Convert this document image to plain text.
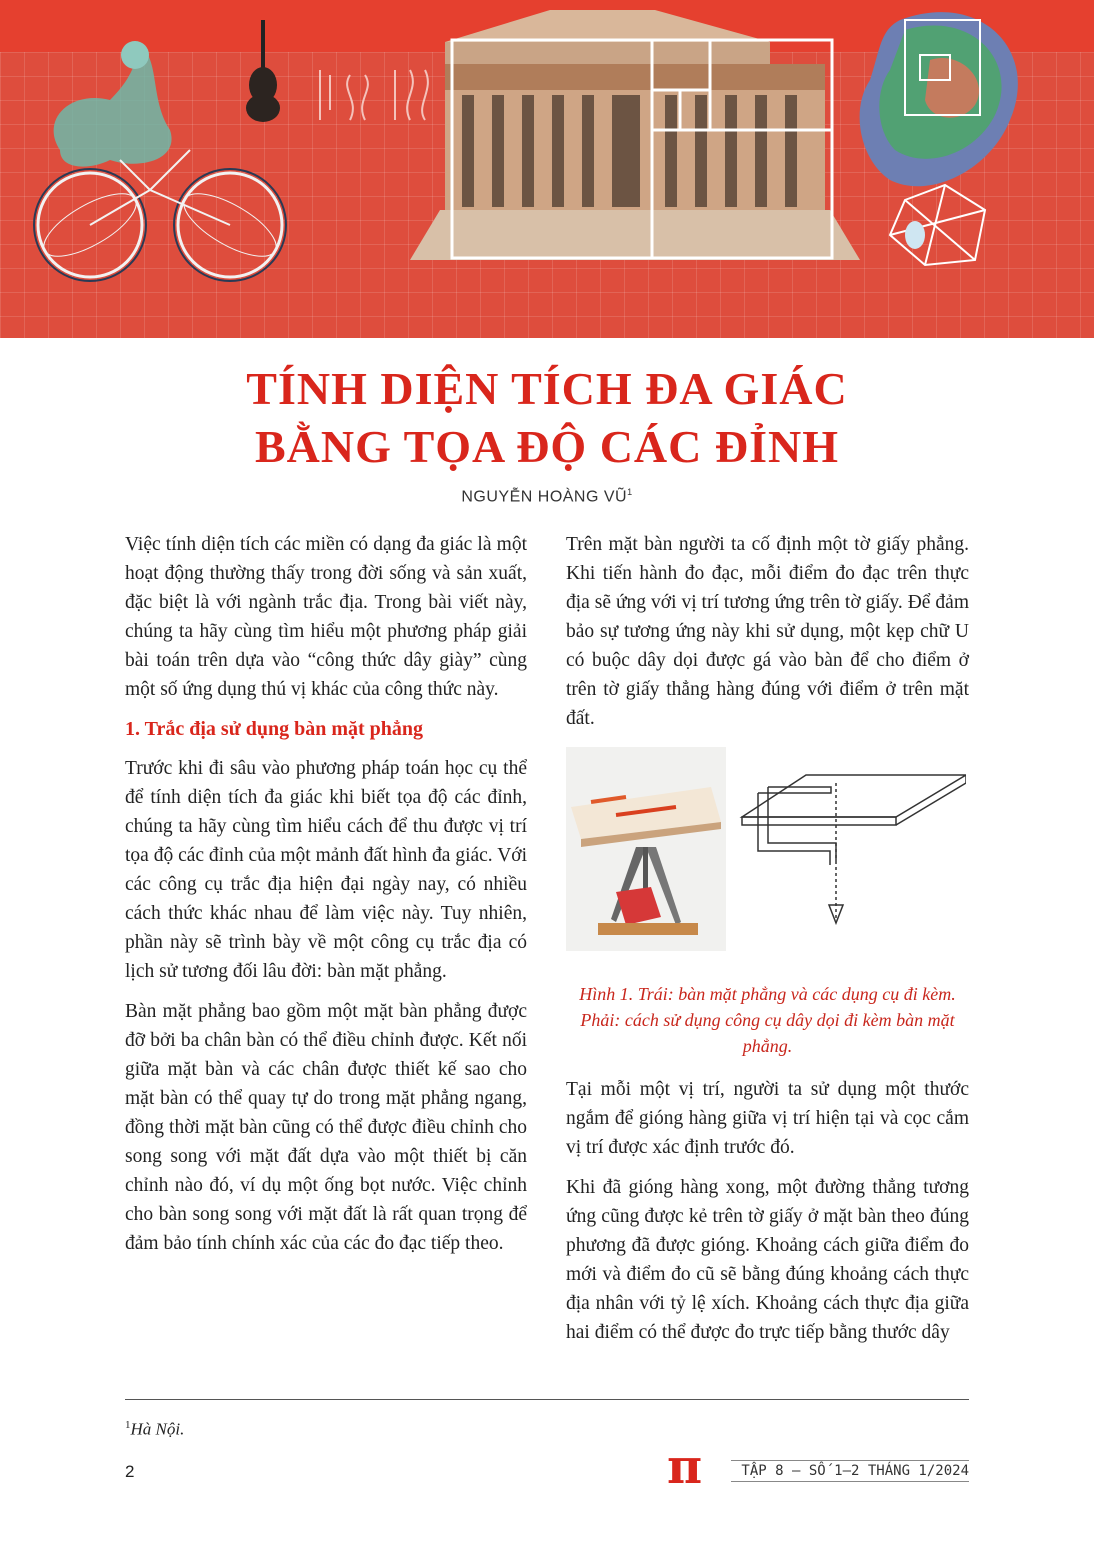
TÍNH DIỆN TÍCH ĐA GIÁC
BẰNG TỌA ĐỘ CÁC ĐỈNH
NGUYỄN HOÀNG $VŨ^1$

Việc tính diện tích các miền có dạng đa giác là một hoạt động thường thấy trong đời sống và sản xuất, đặc biệt là với ngành trắc địa. Trong bài viết này, chúng ta hãy cùng tìm hiểu một phương pháp giải bài toán trên dựa vào “công thức dây giày” cùng một số ứng dụng thú vị khác của công thức này.

1. Trắc địa sử dụng bàn mặt phẳng

Trước khi đi sâu vào phương pháp toán học cụ thể để tính diện tích đa giác khi biết tọa độ các đỉnh, chúng ta hãy cùng tìm hiểu cách để thu được vị trí tọa độ các đỉnh của một mảnh đất hình đa giác. Với các công cụ trắc địa hiện đại ngày nay, có nhiều cách thức khác nhau để làm việc này. Tuy nhiên, phần này sẽ trình bày về một công cụ trắc địa có lịch sử tương đối lâu đời: bàn mặt phẳng.

Bàn mặt phẳng bao gồm một mặt bàn phẳng được đỡ bởi ba chân bàn có thể điều chỉnh được. Kết nối giữa mặt bàn và các chân được thiết kế sao cho mặt bàn có thể quay tự do trong mặt phẳng ngang, đồng thời mặt bàn cũng có thể được điều chỉnh cho song song với mặt đất dựa vào một thiết bị căn chỉnh nào đó, ví dụ một ống bọt nước. Việc chỉnh cho bàn song song với mặt đất là rất quan trọng để đảm bảo tính chính xác của các đo đạc tiếp theo.

Trên mặt bàn người ta cố định một tờ giấy phẳng. Khi tiến hành đo đạc, mỗi điểm đo đạc trên thực địa sẽ ứng với vị trí tương ứng trên tờ giấy. Để đảm bảo sự tương ứng này khi sử dụng, một kẹp chữ U có buộc dây dọi được gá vào bàn để cho điểm ở trên tờ giấy thẳng hàng đúng với điểm ở trên mặt đất.

Hình 1. Trái: bàn mặt phẳng và các dụng cụ đi kèm. Phải: cách sử dụng công cụ dây dọi đi kèm bàn mặt phẳng.

Tại mỗi một vị trí, người ta sử dụng một thước ngắm để gióng hàng giữa vị trí hiện tại và cọc cắm vị trí được xác định trước đó.

Khi đã gióng hàng xong, một đường thẳng tương ứng cũng được kẻ trên tờ giấy ở mặt bàn theo đúng phương đã được gióng. Khoảng cách giữa điểm đo mới và điểm đo cũ sẽ bằng đúng khoảng cách thực địa nhân với tỷ lệ xích. Khoảng cách thực địa giữa hai điểm có thể được đo trực tiếp bằng thước dây

$^1$Hà Nội.
2	π	TẬP 8 – SỐ 1–2 THÁNG 1/2024
